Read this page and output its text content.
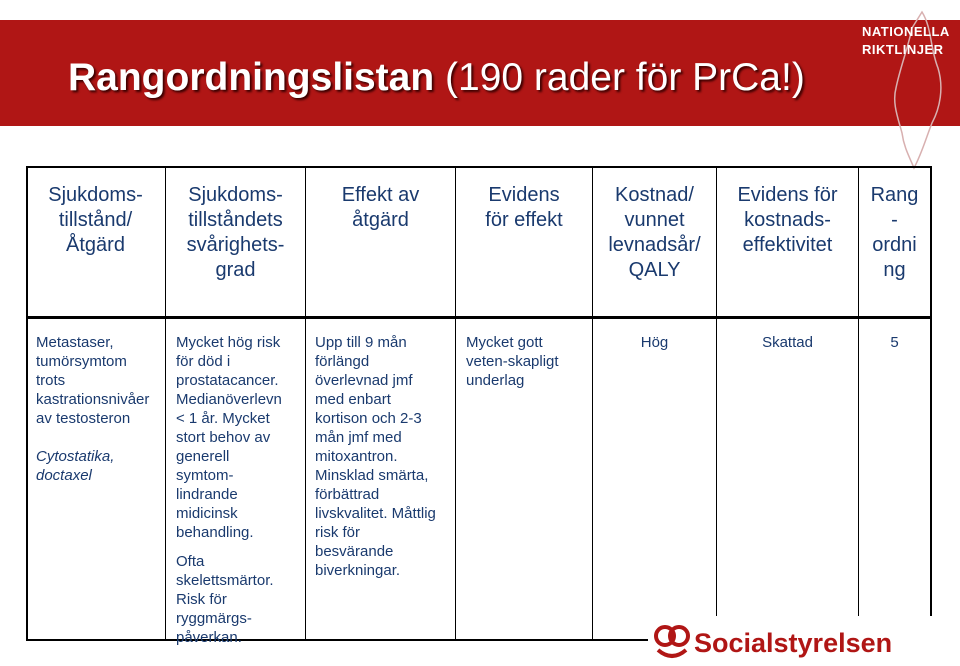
Rangordningslistan (190 rader för PrCa!)
NATIONELLA
RIKTLINJER
Sjukdoms-
tillstånd/
Åtgärd
Sjukdoms-
tillståndets
svårighets-
grad
Effekt av
åtgärd
Evidens
för effekt
Kostnad/
vunnet
levnadsår/
QALY
Evidens för
kostnads-
effektivitet
Rang
-
ordni
ng
Metastaser,
tumörsymtom
trots
kastrationsnivåer
av testosteron
Cytostatika,
doctaxel
Mycket hög risk
för död i
prostatacancer.
Medianöverlevn
< 1 år. Mycket
stort behov av
generell
symtom-
lindrande
midicinsk
behandling.
Ofta
skelettsmärtor.
Risk för
ryggmärgs-
påverkan.
Upp till 9 mån
förlängd
överlevnad jmf
med enbart
kortison och 2-3
mån jmf med
mitoxantron.
Minsklad smärta,
förbättrad
livskvalitet. Måttlig
risk för
besvärande
biverkningar.
Mycket gott
veten-skapligt
underlag
Hög	Skattad	5
Socialstyrelsen
